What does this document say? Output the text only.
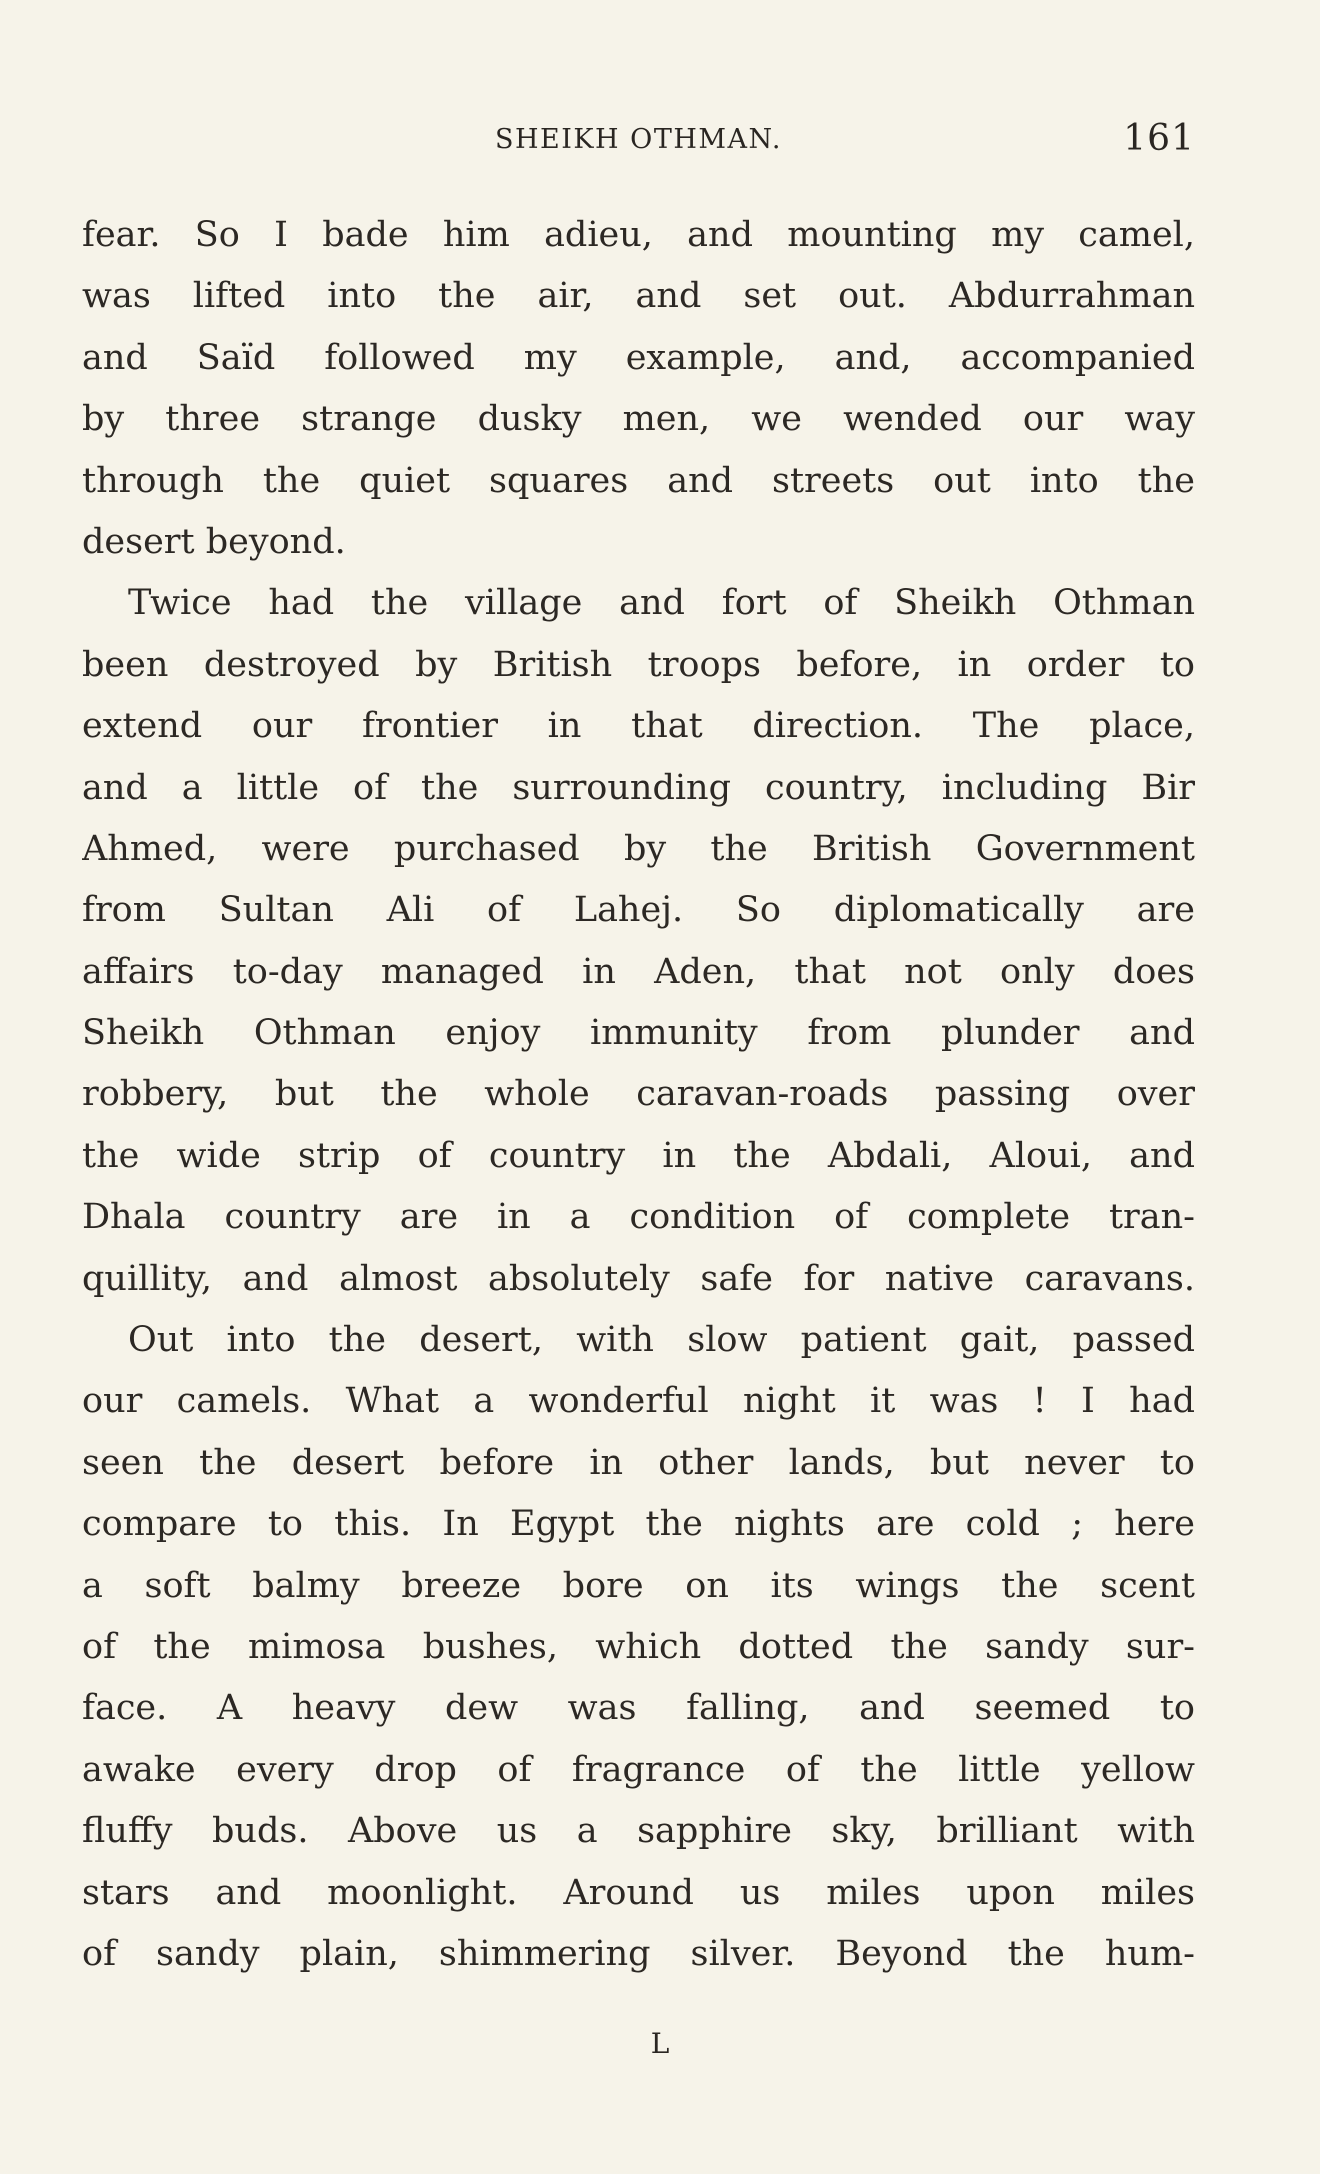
SHEIKH OTHMAN.	161
fear. So I bade him adieu, and mounting my camel,
was lifted into the air, and set out. Abdurrahman
and Saïd followed my example, and, accompanied
by three strange dusky men, we wended our way
through the quiet squares and streets out into the
desert beyond.
Twice had the village and fort of Sheikh Othman
been destroyed by British troops before, in order to
extend our frontier in that direction. The place,
and a little of the surrounding country, including Bir
Ahmed, were purchased by the British Government
from Sultan Ali of Lahej. So diplomatically are
affairs to-day managed in Aden, that not only does
Sheikh Othman enjoy immunity from plunder and
robbery, but the whole caravan-roads passing over
the wide strip of country in the Abdali, Aloui, and
Dhala country are in a condition of complete tran-
quillity, and almost absolutely safe for native caravans.
Out into the desert, with slow patient gait, passed
our camels. What a wonderful night it was ! I had
seen the desert before in other lands, but never to
compare to this. In Egypt the nights are cold ; here
a soft balmy breeze bore on its wings the scent
of the mimosa bushes, which dotted the sandy sur-
face. A heavy dew was falling, and seemed to
awake every drop of fragrance of the little yellow
fluffy buds. Above us a sapphire sky, brilliant with
stars and moonlight. Around us miles upon miles
of sandy plain, shimmering silver. Beyond the hum-
L
